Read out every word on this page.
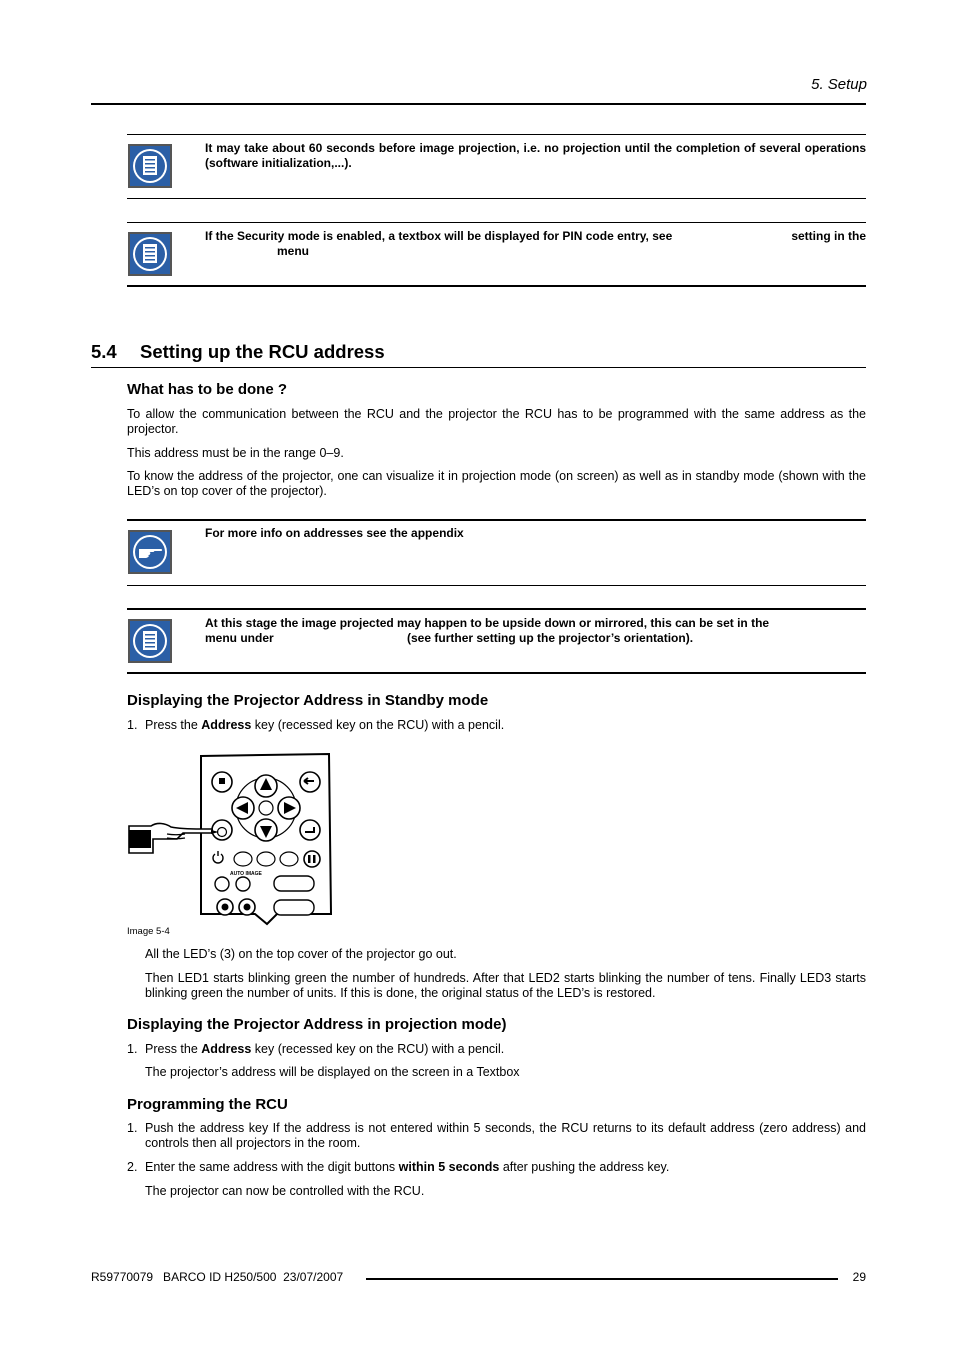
5. Setup
It may take about 60 seconds before image projection, i.e. no projection until the completion of several operations (software initialization,...).
If the Security mode is enabled, a textbox will be displayed for PIN code entry, see	setting in the

menu
5.4 Setting up the RCU address
What has to be done ?
To allow the communication between the RCU and the projector the RCU has to be programmed with the same address as the projector.
This address must be in the range 0–9.
To know the address of the projector, one can visualize it in projection mode (on screen) as well as in standby mode (shown with the LED’s on top cover of the projector).
For more info on addresses see the appendix
At this stage the image projected may happen to be upside down or mirrored, this can be set in the
menu under	(see further setting up the projector’s orientation).
Displaying the Projector Address in Standby mode
1. Press the Address key (recessed key on the RCU) with a pencil.
AUTO IMAGE
Image 5-4
All the LED’s (3) on the top cover of the projector go out.
Then LED1 starts blinking green the number of hundreds. After that LED2 starts blinking the number of tens. Finally LED3 starts blinking green the number of units. If this is done, the original status of the LED’s is restored.
Displaying the Projector Address in projection mode)
1. Press the Address key (recessed key on the RCU) with a pencil.
The projector’s address will be displayed on the screen in a Textbox
Programming the RCU
1. Push the address key If the address is not entered within 5 seconds, the RCU returns to its default address (zero address) and controls then all projectors in the room.
2. Enter the same address with the digit buttons within 5 seconds after pushing the address key.
The projector can now be controlled with the RCU.
R59770079   BARCO ID H250/500  23/07/2007	29
